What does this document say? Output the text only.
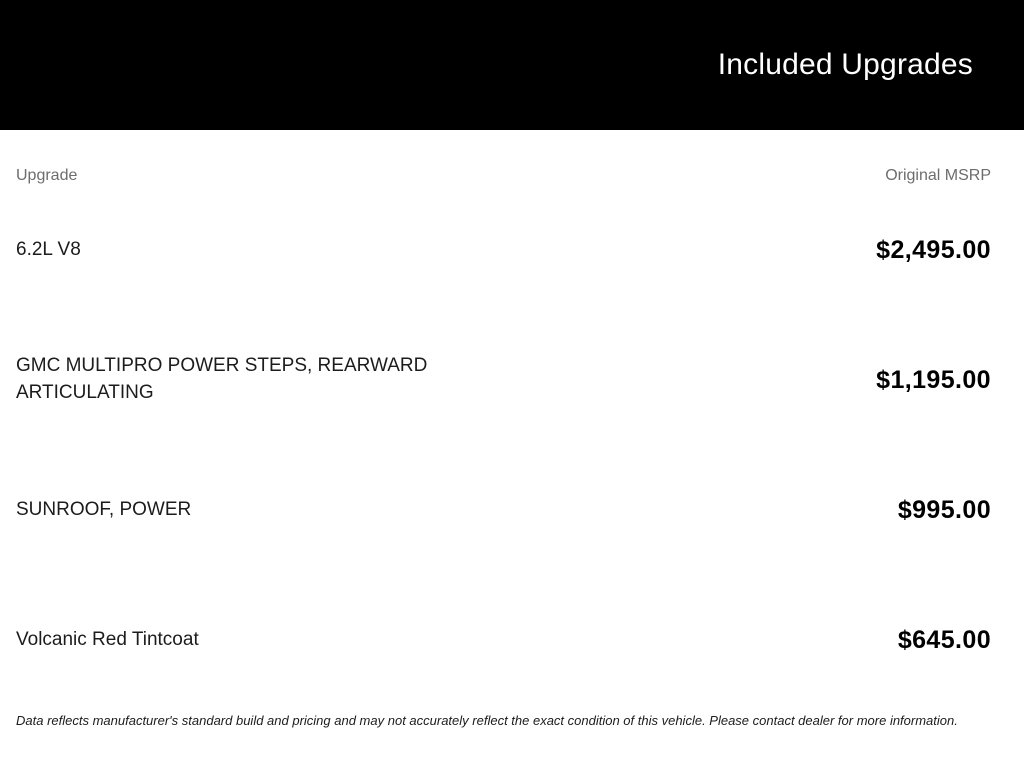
Included Upgrades
Upgrade	Original MSRP
6.2L V8	$2,495.00
GMC MULTIPRO POWER STEPS, REARWARD ARTICULATING	$1,195.00
SUNROOF, POWER	$995.00
Volcanic Red Tintcoat	$645.00

Data reflects manufacturer's standard build and pricing and may not accurately reflect the exact condition of this vehicle. Please contact dealer for more information.
